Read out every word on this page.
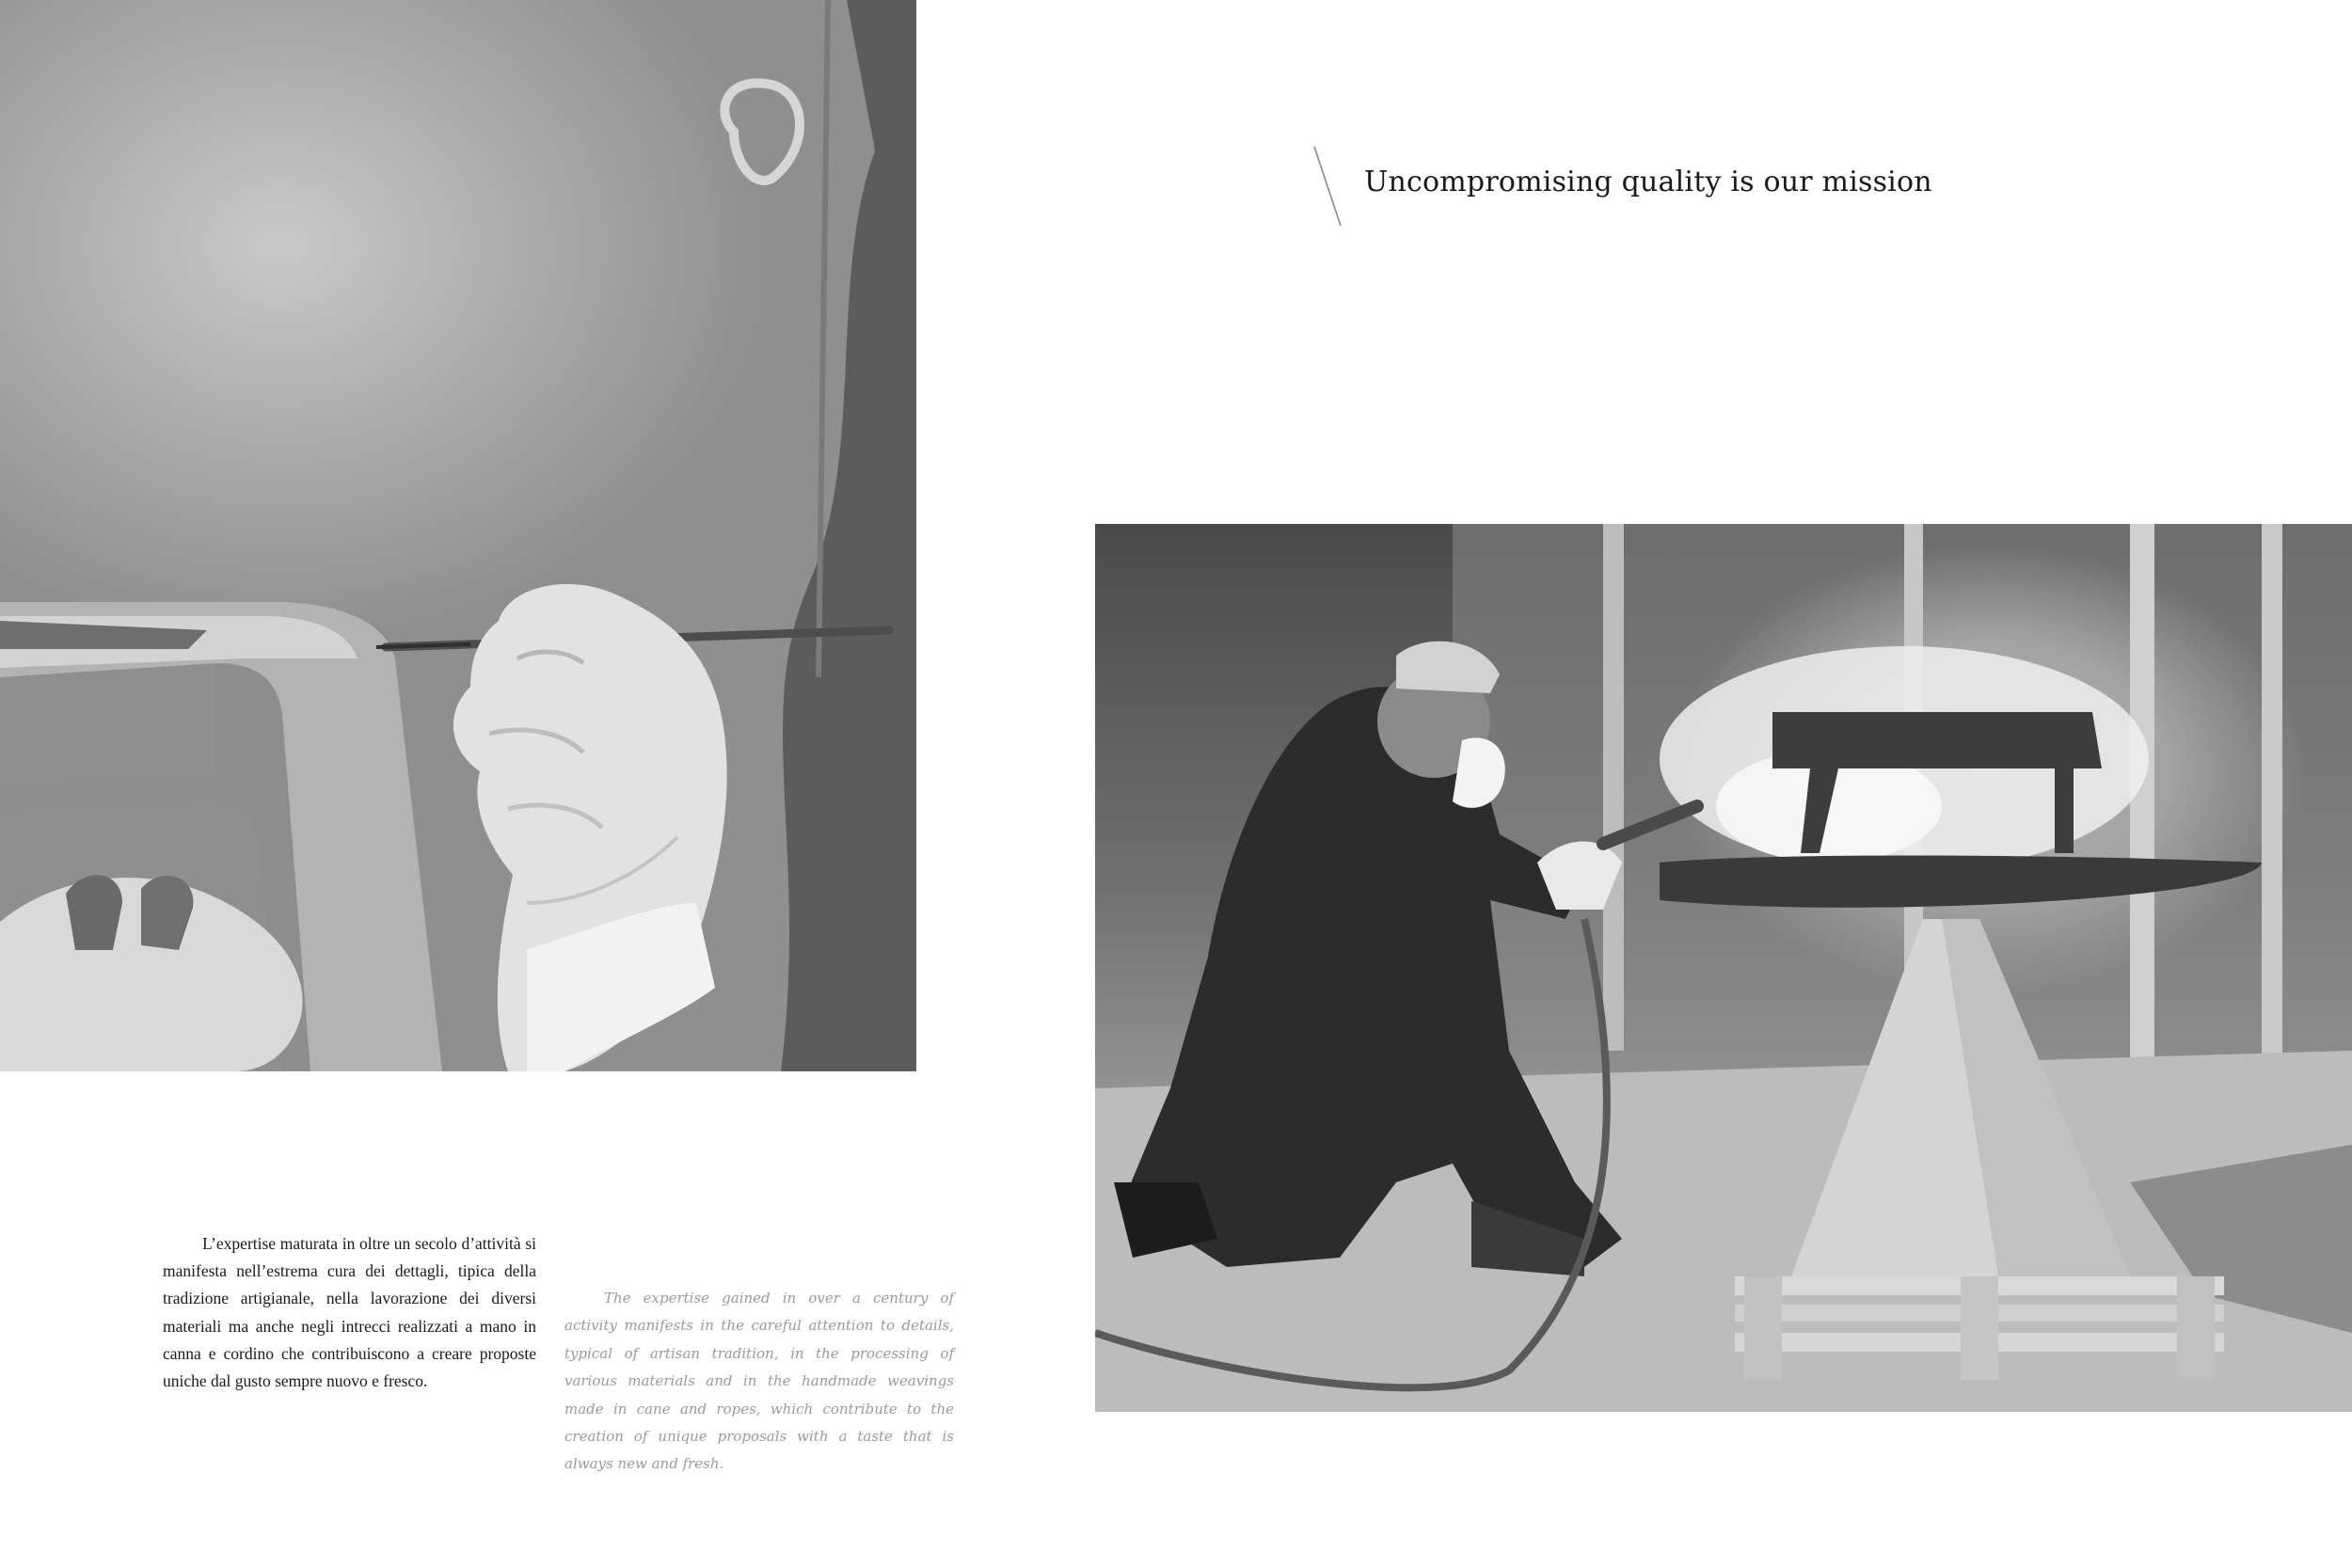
Uncompromising quality is our mission

L’expertise maturata in oltre un secolo d’attività si manifesta nell’estrema cura dei dettagli, tipica della tradizione artigianale, nella lavorazione dei diversi materiali ma anche negli intrecci realizzati a mano in canna e cordino che contribuiscono a creare proposte uniche dal gusto sempre nuovo e fresco.

The expertise gained in over a century of activity manifests in the careful attention to details, typical of artisan tradition, in the processing of various materials and in the handmade weavings made in cane and ropes, which contribute to the creation of unique proposals with a taste that is always new and fresh.
